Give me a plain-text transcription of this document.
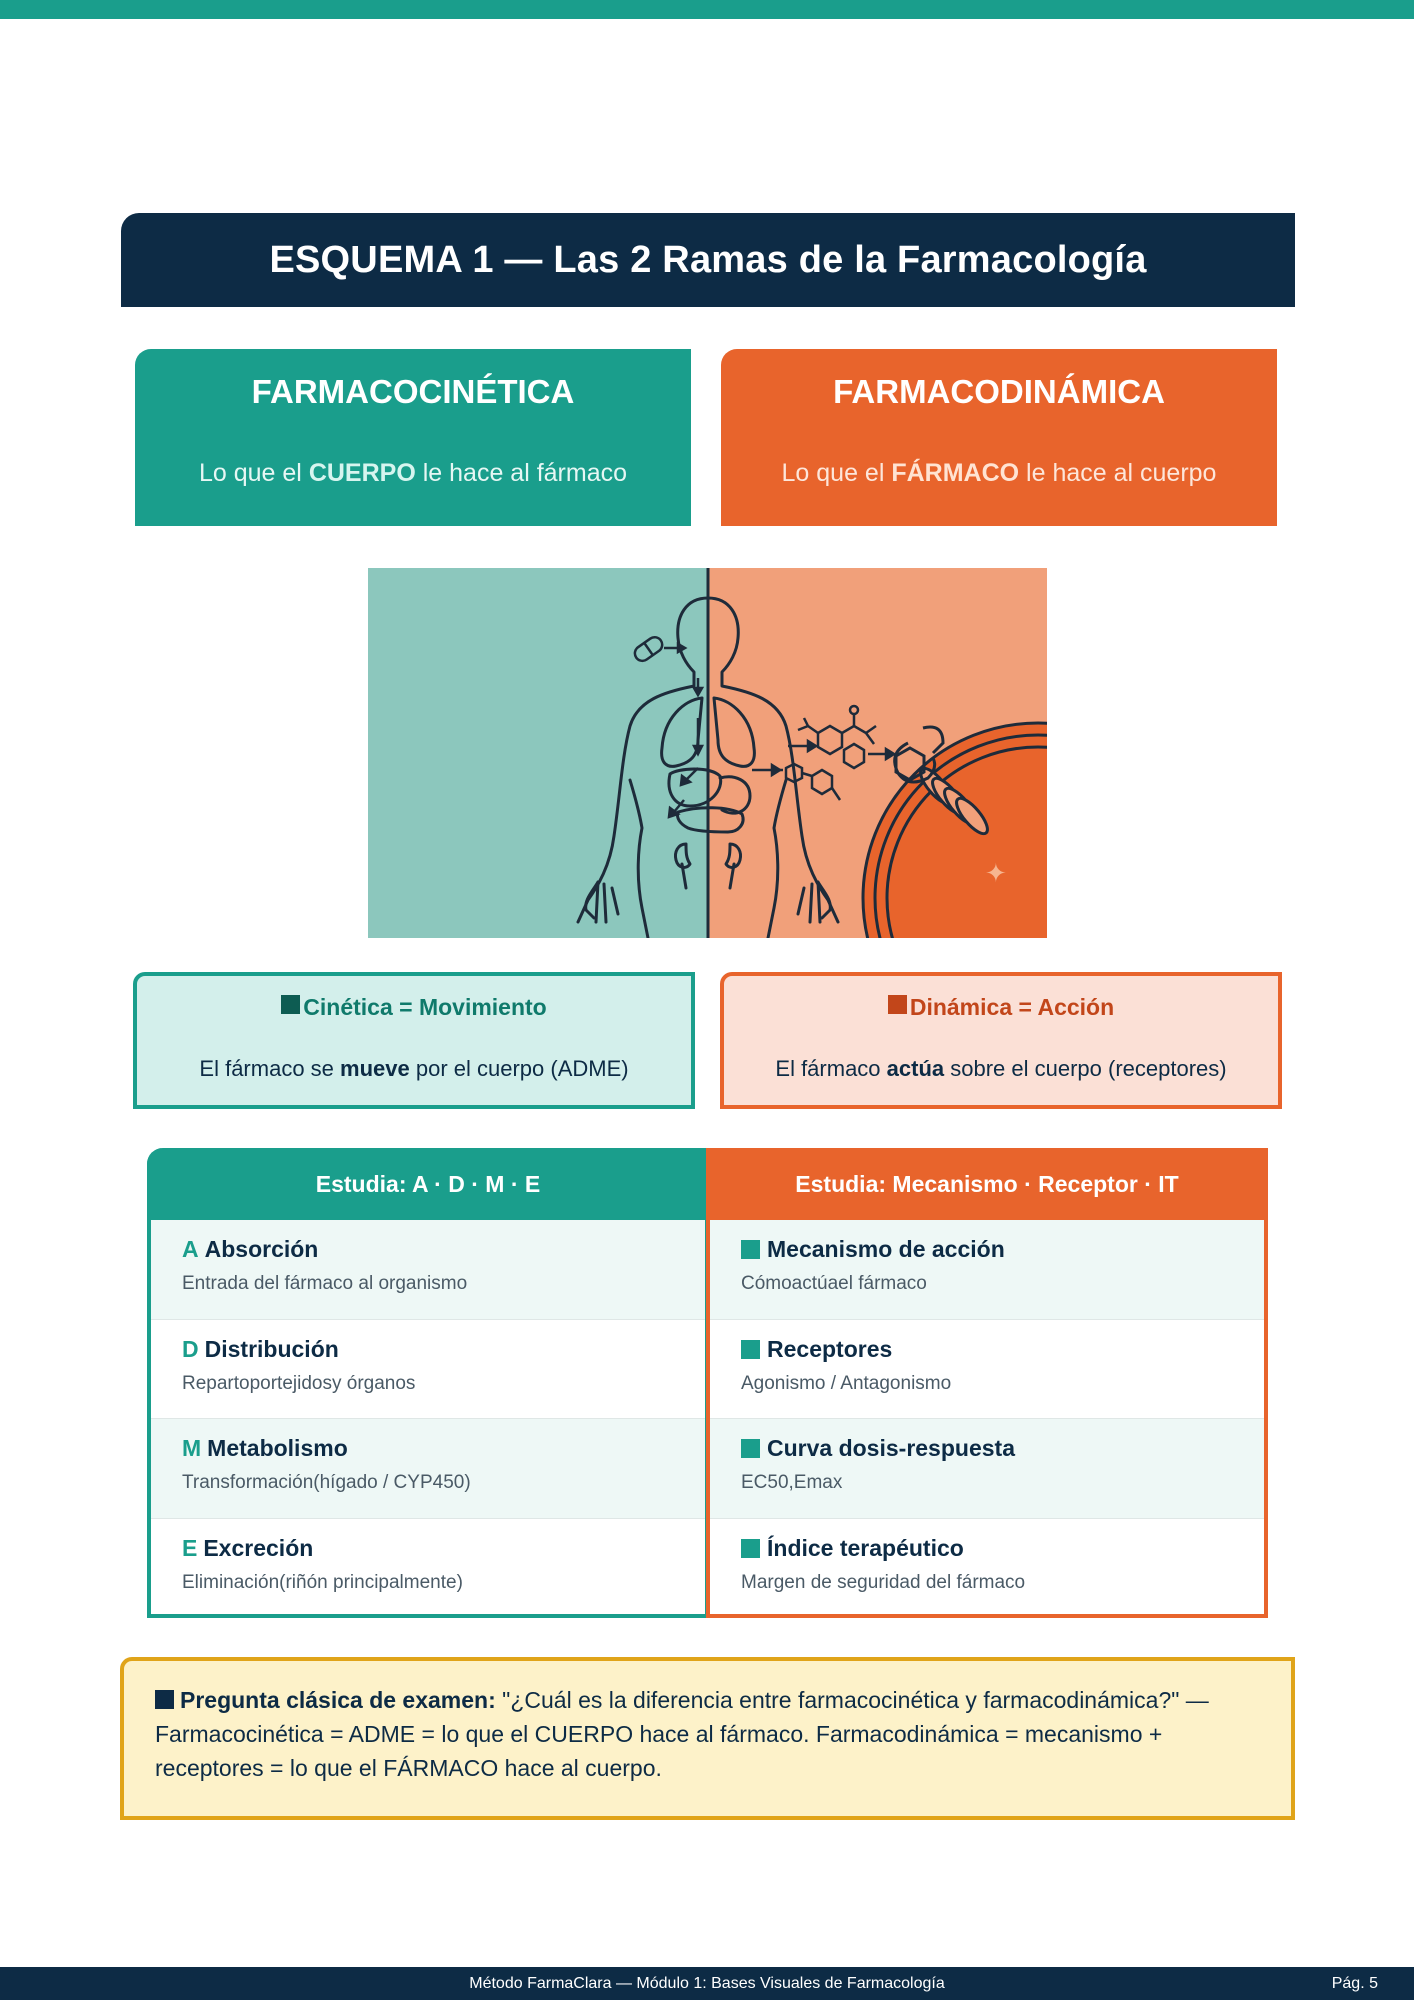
ESQUEMA 1 — Las 2 Ramas de la Farmacología
FARMACOCINÉTICA
Lo que el CUERPO le hace al fármaco
FARMACODINÁMICA
Lo que el FÁRMACO le hace al cuerpo
✦
Cinética = Movimiento
El fármaco se mueve por el cuerpo (ADME)
Dinámica = Acción
El fármaco actúa sobre el cuerpo (receptores)
Estudia: A · D · M · E
A Absorción
Entrada del fármaco al organismo
D Distribución
Repartoportejidosy órganos
M Metabolismo
Transformación(hígado / CYP450)
E Excreción
Eliminación(riñón principalmente)
Estudia: Mecanismo · Receptor · IT
Mecanismo de acción
Cómoactúael fármaco
Receptores
Agonismo / Antagonismo
Curva dosis-respuesta
EC50,Emax
Índice terapéutico
Margen de seguridad del fármaco
Pregunta clásica de examen: "¿Cuál es la diferencia entre farmacocinética y farmacodinámica?" — Farmacocinética = ADME = lo que el CUERPO hace al fármaco. Farmacodinámica = mecanismo + receptores = lo que el FÁRMACO hace al cuerpo.
Método FarmaClara — Módulo 1: Bases Visuales de Farmacología	Pág. 5
